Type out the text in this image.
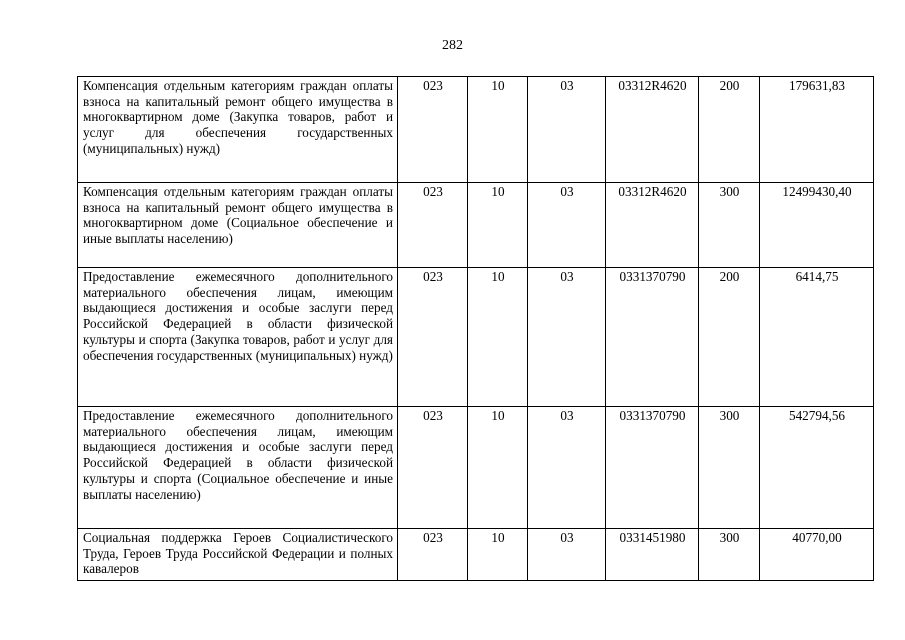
282
Компенсация отдельным категориям граждан оплаты взноса на капитальный ремонт общего имущества в многоквартирном доме (Закупка товаров, работ и услуг для обеспечения государственных (муниципальных) нужд)	023	10	03	03312R4620	200	179631,83
Компенсация отдельным категориям граждан оплаты взноса на капитальный ремонт общего имущества в многоквартирном доме (Социальное обеспечение и иные выплаты населению)	023	10	03	03312R4620	300	12499430,40
Предоставление ежемесячного дополнительного материального обеспечения лицам, имеющим выдающиеся достижения и особые заслуги перед Российской Федерацией в области физической культуры и спорта (Закупка товаров, работ и услуг для обеспечения государственных (муниципальных) нужд)	023	10	03	0331370790	200	6414,75
Предоставление ежемесячного дополнительного материального обеспечения лицам, имеющим выдающиеся достижения и особые заслуги перед Российской Федерацией в области физической культуры и спорта (Социальное обеспечение и иные выплаты населению)	023	10	03	0331370790	300	542794,56
Социальная поддержка Героев Социалистического Труда, Героев Труда Российской Федерации и полных кавалеров	023	10	03	0331451980	300	40770,00
